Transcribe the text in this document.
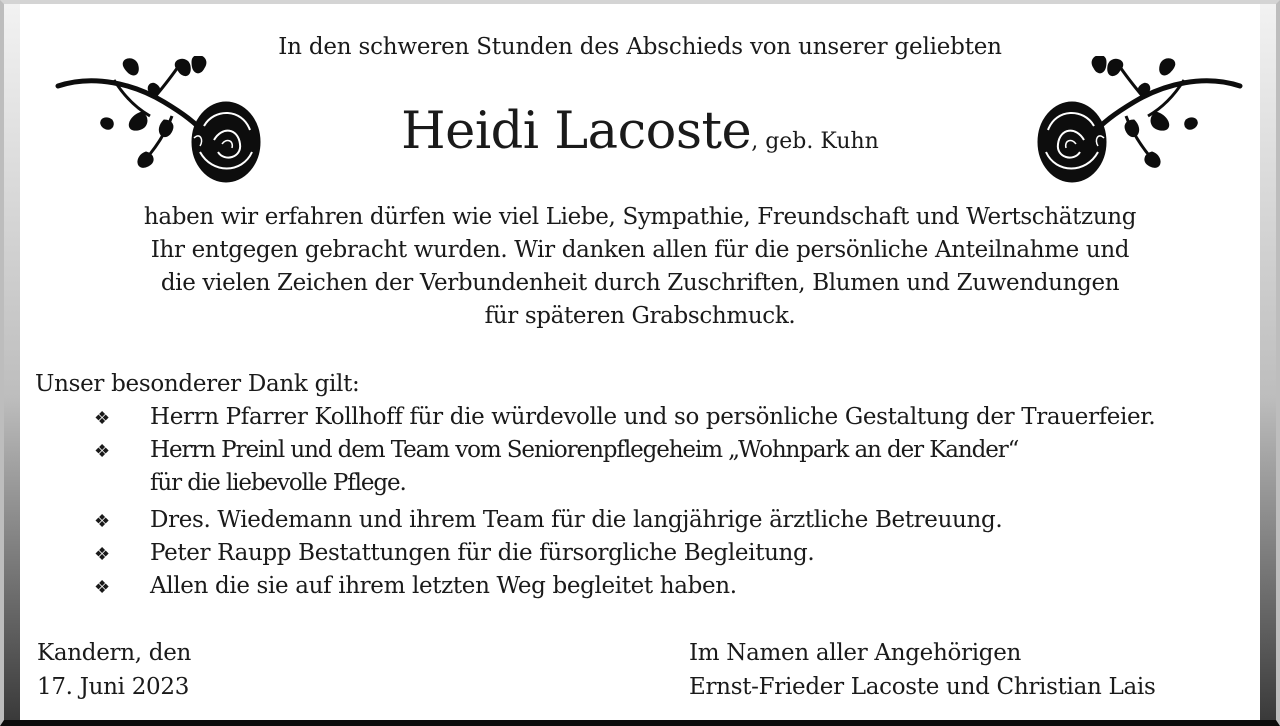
In den schweren Stunden des Abschieds von unserer geliebten
Heidi Lacoste, geb. Kuhn
haben wir erfahren dürfen wie viel Liebe, Sympathie, Freundschaft und Wertschätzung
Ihr entgegen gebracht wurden. Wir danken allen für die persönliche Anteilnahme und
die vielen Zeichen der Verbundenheit durch Zuschriften, Blumen und Zuwendungen
für späteren Grabschmuck.
Unser besonderer Dank gilt:
❖ Herrn Pfarrer Kollhoff für die würdevolle und so persönliche Gestaltung der Trauerfeier.
❖ Herrn Preinl und dem Team vom Seniorenpflegeheim „Wohnpark an der Kander“
für die liebevolle Pflege.
❖ Dres. Wiedemann und ihrem Team für die langjährige ärztliche Betreuung.
❖ Peter Raupp Bestattungen für die fürsorgliche Begleitung.
❖ Allen die sie auf ihrem letzten Weg begleitet haben.
Kandern, den
17. Juni 2023
Im Namen aller Angehörigen
Ernst-Frieder Lacoste und Christian Lais
